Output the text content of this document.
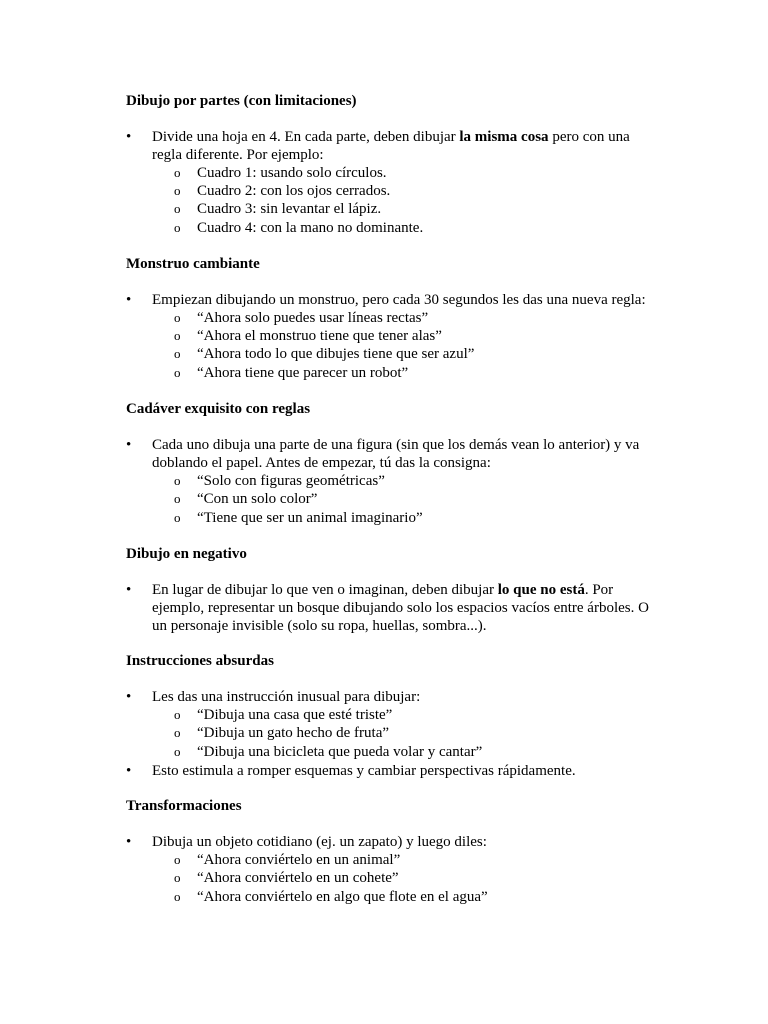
Dibujo por partes (con limitaciones)
•	Divide una hoja en 4. En cada parte, deben dibujar la misma cosa pero con una regla diferente. Por ejemplo:
o Cuadro 1: usando solo círculos.
o Cuadro 2: con los ojos cerrados.
o Cuadro 3: sin levantar el lápiz.
o Cuadro 4: con la mano no dominante.
Monstruo cambiante
•	Empiezan dibujando un monstruo, pero cada 30 segundos les das una nueva regla:
o “Ahora solo puedes usar líneas rectas”
o “Ahora el monstruo tiene que tener alas”
o “Ahora todo lo que dibujes tiene que ser azul”
o “Ahora tiene que parecer un robot”
Cadáver exquisito con reglas
•	Cada uno dibuja una parte de una figura (sin que los demás vean lo anterior) y va doblando el papel. Antes de empezar, tú das la consigna:
o “Solo con figuras geométricas”
o “Con un solo color”
o “Tiene que ser un animal imaginario”
Dibujo en negativo
•	En lugar de dibujar lo que ven o imaginan, deben dibujar lo que no está. Por ejemplo, representar un bosque dibujando solo los espacios vacíos entre árboles. O un personaje invisible (solo su ropa, huellas, sombra...).
Instrucciones absurdas
•	Les das una instrucción inusual para dibujar:
o “Dibuja una casa que esté triste”
o “Dibuja un gato hecho de fruta”
o “Dibuja una bicicleta que pueda volar y cantar”
•	Esto estimula a romper esquemas y cambiar perspectivas rápidamente.
Transformaciones
•	Dibuja un objeto cotidiano (ej. un zapato) y luego diles:
o “Ahora conviértelo en un animal”
o “Ahora conviértelo en un cohete”
o “Ahora conviértelo en algo que flote en el agua”
